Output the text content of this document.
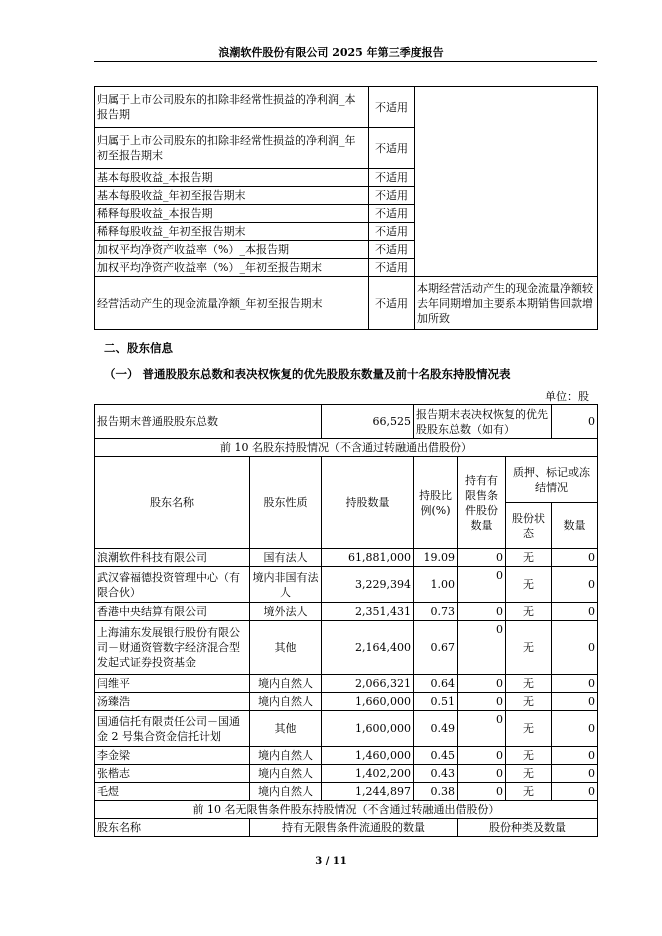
浪潮软件股份有限公司 2025 年第三季度报告
归属于上市公司股东的扣除非经常性损益的净利润_本报告期	不适用	
归属于上市公司股东的扣除非经常性损益的净利润_年初至报告期末	不适用	
基本每股收益_本报告期	不适用	
基本每股收益_年初至报告期末	不适用	
稀释每股收益_本报告期	不适用	
稀释每股收益_年初至报告期末	不适用	
加权平均净资产收益率（%）_本报告期	不适用	
加权平均净资产收益率（%）_年初至报告期末	不适用	
经营活动产生的现金流量净额_年初至报告期末	不适用	本期经营活动产生的现金流量净额较去年同期增加主要系本期销售回款增加所致
二、股东信息
（一） 普通股股东总数和表决权恢复的优先股股东数量及前十名股东持股情况表
单位：股
报告期末普通股股东总数		66,525	报告期末表决权恢复的优先股股东总数（如有）			0
前 10 名股东持股情况（不含通过转融通出借股份）						
股东名称	股东性质	持股数量	持股比例(%)	持有有限售条件股份数量	质押、标记或冻结情况	
					股份状态	数量
浪潮软件科技有限公司	国有法人	61,881,000	19.09	0	无	0
武汉睿福德投资管理中心（有限合伙）	境内非国有法人	3,229,394	1.00	0	无	0
香港中央结算有限公司	境外法人	2,351,431	0.73	0	无	0
上海浦东发展银行股份有限公司－财通资管数字经济混合型发起式证券投资基金	其他	2,164,400	0.67	0	无	0
闫维平	境内自然人	2,066,321	0.64	0	无	0
汤臻浩	境内自然人	1,660,000	0.51	0	无	0
国通信托有限责任公司－国通金 2 号集合资金信托计划	其他	1,600,000	0.49	0	无	0
李金梁	境内自然人	1,460,000	0.45	0	无	0
张楷志	境内自然人	1,402,200	0.43	0	无	0
毛煜	境内自然人	1,244,897	0.38	0	无	0
前 10 名无限售条件股东持股情况（不含通过转融通出借股份）						
股东名称	持有无限售条件流通股的数量			股份种类及数量		
3 / 11
